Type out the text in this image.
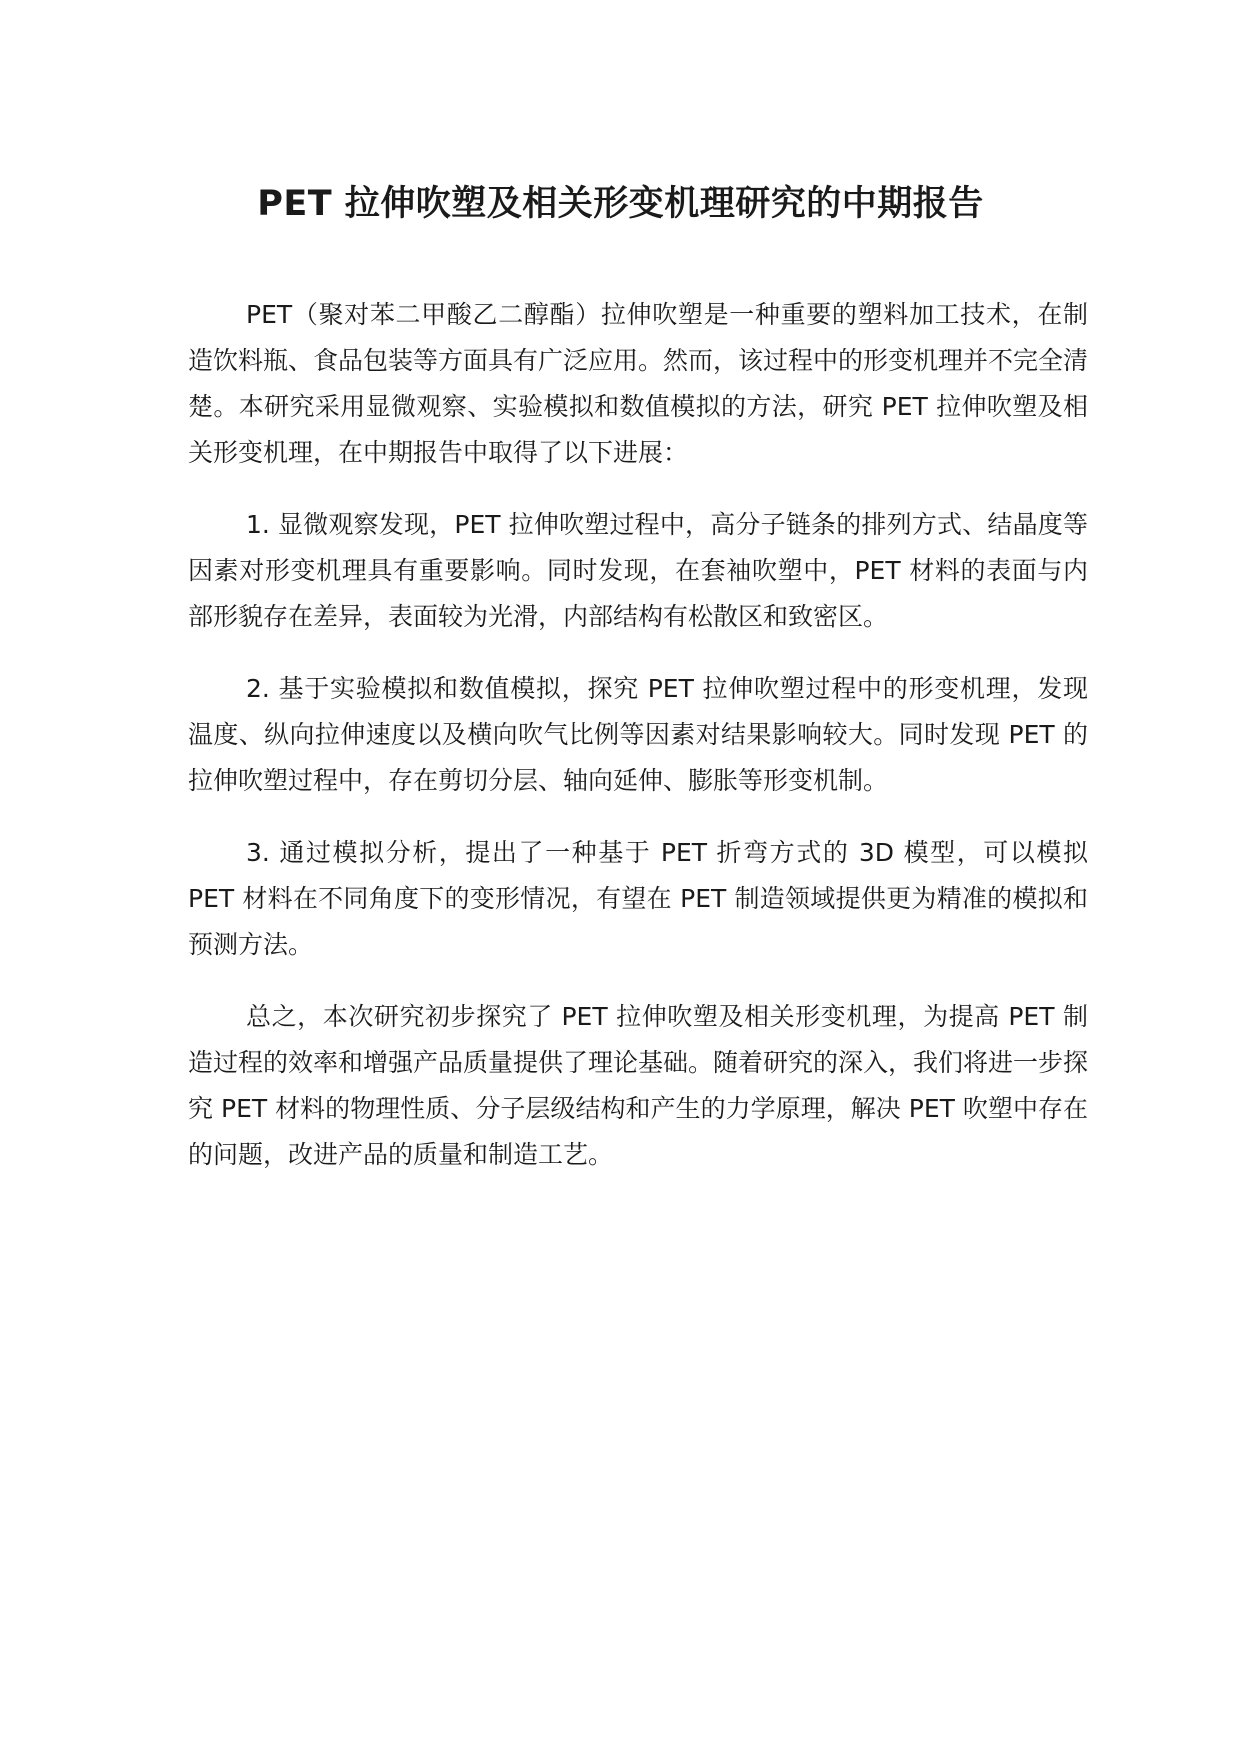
PET 拉伸吹塑及相关形变机理研究的中期报告

PET（聚对苯二甲酸乙二醇酯）拉伸吹塑是一种重要的塑料加工技术，在制造饮料瓶、食品包装等方面具有广泛应用。然而，该过程中的形变机理并不完全清楚。本研究采用显微观察、实验模拟和数值模拟的方法，研究 PET 拉伸吹塑及相关形变机理，在中期报告中取得了以下进展：

1. 显微观察发现，PET 拉伸吹塑过程中，高分子链条的排列方式、结晶度等因素对形变机理具有重要影响。同时发现，在套袖吹塑中，PET 材料的表面与内部形貌存在差异，表面较为光滑，内部结构有松散区和致密区。

2. 基于实验模拟和数值模拟，探究 PET 拉伸吹塑过程中的形变机理，发现温度、纵向拉伸速度以及横向吹气比例等因素对结果影响较大。同时发现 PET 的拉伸吹塑过程中，存在剪切分层、轴向延伸、膨胀等形变机制。

3. 通过模拟分析，提出了一种基于 PET 折弯方式的 3D 模型，可以模拟 PET 材料在不同角度下的变形情况，有望在 PET 制造领域提供更为精准的模拟和预测方法。

总之，本次研究初步探究了 PET 拉伸吹塑及相关形变机理，为提高 PET 制造过程的效率和增强产品质量提供了理论基础。随着研究的深入，我们将进一步探究 PET 材料的物理性质、分子层级结构和产生的力学原理，解决 PET 吹塑中存在的问题，改进产品的质量和制造工艺。
